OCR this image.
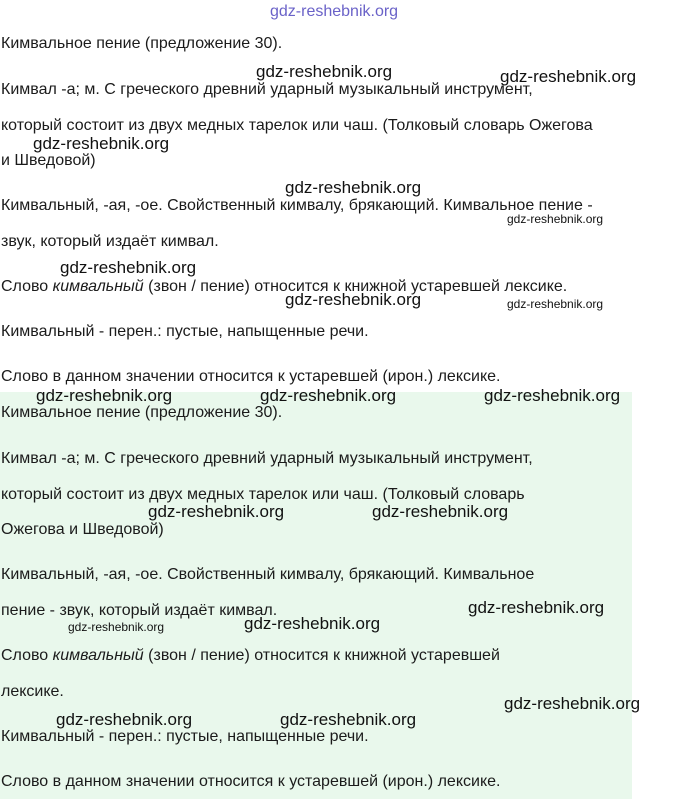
Кимвальное пение (предложение 30).

Кимвал -а; м. С греческого древний ударный музыкальный инструмент,

который состоит из двух медных тарелок или чаш. (Толковый словарь Ожегова

и Шведовой)

Кимвальный, -ая, -ое. Свойственный кимвалу, брякающий. Кимвальное пение -

звук, который издаёт кимвал.

Слово кимвальный (звон / пение) относится к книжной устаревшей лексике.

Кимвальный - перен.: пустые, напыщенные речи.

Слово в данном значении относится к устаревшей (ирон.) лексике.

Кимвальное пение (предложение 30).

Кимвал -а; м. С греческого древний ударный музыкальный инструмент,

который состоит из двух медных тарелок или чаш. (Толковый словарь

Ожегова и Шведовой)

Кимвальный, -ая, -ое. Свойственный кимвалу, брякающий. Кимвальное

пение - звук, который издаёт кимвал.

Слово кимвальный (звон / пение) относится к книжной устаревшей

лексике.

Кимвальный - перен.: пустые, напыщенные речи.

Слово в данном значении относится к устаревшей (ирон.) лексике.

gdz-reshebnik.org
gdz-reshebnik.org	gdz-reshebnik.org
gdz-reshebnik.org
gdz-reshebnik.org
gdz-reshebnik.org
gdz-reshebnik.org
gdz-reshebnik.org	gdz-reshebnik.org
gdz-reshebnik.org	gdz-reshebnik.org	gdz-reshebnik.org
gdz-reshebnik.org	gdz-reshebnik.org
gdz-reshebnik.org
gdz-reshebnik.org	gdz-reshebnik.org
gdz-reshebnik.org
gdz-reshebnik.org	gdz-reshebnik.org
